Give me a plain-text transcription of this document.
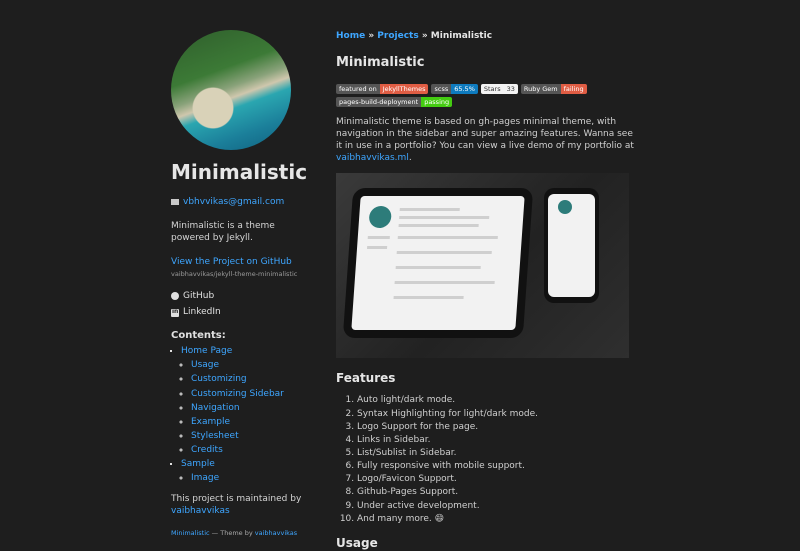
Minimalistic
vbhvvikas@gmail.com
Minimalistic is a theme powered by Jekyll.
View the Project on GitHub
vaibhavvikas/jekyll-theme-minimalistic
GitHub
in
LinkedIn
Contents:
▪ Home Page
◦ Usage
◦ Customizing
◦ Customizing Sidebar
◦ Navigation
◦ Example
◦ Stylesheet
◦ Credits
▪ Sample
◦ Image
This project is maintained by
vaibhavvikas
Minimalistic — Theme by vaibhavvikas
Home » Projects » Minimalistic
Minimalistic
featured on JekyllThemes	scss 65.5%	Stars 33	Ruby Gem failing
pages-build-deployment passing
Minimalistic theme is based on gh-pages minimal theme, with navigation in the sidebar and super amazing features. Wanna see it in use in a portfolio? You can view a live demo of my portfolio at vaibhavvikas.ml.
Features
1. Auto light/dark mode.
2. Syntax Highlighting for light/dark mode.
3. Logo Support for the page.
4. Links in Sidebar.
5. List/Sublist in Sidebar.
6. Fully responsive with mobile support.
7. Logo/Favicon Support.
8. Github-Pages Support.
9. Under active development.
10. And many more. 😄
Usage
